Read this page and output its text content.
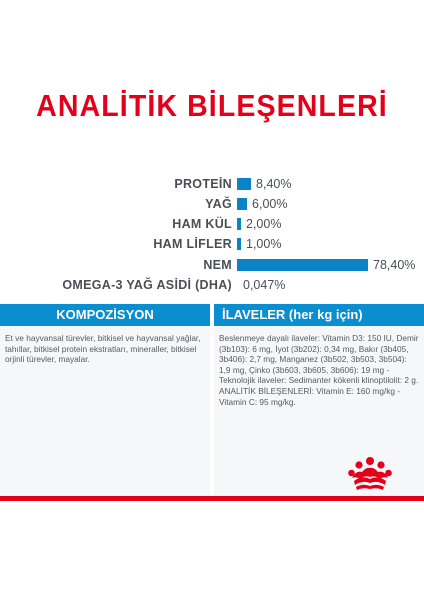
ANALİTİK BİLEŞENLERİ
PROTEİN 8,40%
YAĞ 6,00%
HAM KÜL 2,00%
HAM LİFLER 1,00%
NEM	78,40%
OMEGA-3 YAĞ ASİDİ (DHA) 0,047%
KOMPOZİSYON
Et ve hayvansal türevler, bitkisel ve hayvansal yağlar, tahıllar, bitkisel protein ekstratları, mineraller, bitkisel orjinli türevler, mayalar.
İLAVELER (her kg için)
Beslenmeye dayalı ilaveler: Vitamin D3: 150 IU, Demir (3b103): 6 mg, İyot (3b202): 0,34 mg, Bakır (3b405, 3b406): 2,7 mg, Manganez (3b502, 3b503, 3b504): 1,9 mg, Çinko (3b603, 3b605, 3b606): 19 mg - Teknolojik ilaveler: Sedimanter kökenli klinoptilolit: 2 g. ANALİTİK BİLEŞENLERİ: Vitamin E: 160 mg/kg - Vitamin C: 95 mg/kg.
